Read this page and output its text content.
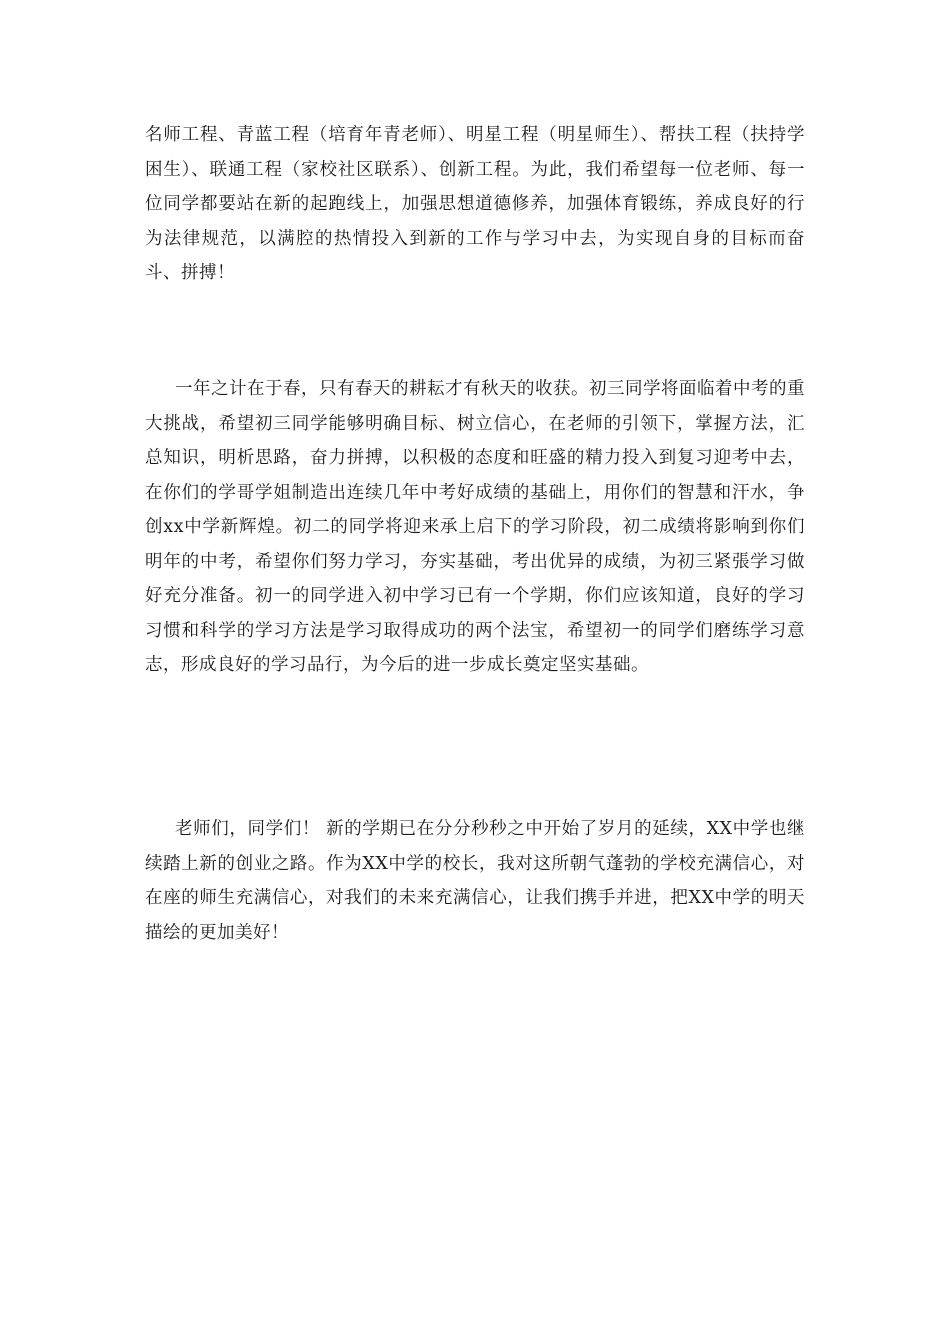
名师工程、青蓝工程（培育年青老师）、明星工程（明星师生）、帮扶工程（扶持学困生）、联通工程（家校社区联系）、创新工程。为此，我们希望每一位老师、每一位同学都要站在新的起跑线上，加强思想道德修养，加强体育锻练，养成良好的行为法律规范，以满腔的热情投入到新的工作与学习中去，为实现自身的目标而奋斗、拼搏！

一年之计在于春，只有春天的耕耘才有秋天的收获。初三同学将面临着中考的重大挑战，希望初三同学能够明确目标、树立信心，在老师的引领下，掌握方法，汇总知识，明析思路，奋力拼搏，以积极的态度和旺盛的精力投入到复习迎考中去，在你们的学哥学姐制造出连续几年中考好成绩的基础上，用你们的智慧和汗水，争创xx中学新辉煌。初二的同学将迎来承上启下的学习阶段，初二成绩将影响到你们明年的中考，希望你们努力学习，夯实基础，考出优异的成绩，为初三紧張学习做好充分准备。初一的同学进入初中学习已有一个学期，你们应该知道，良好的学习习惯和科学的学习方法是学习取得成功的两个法宝，希望初一的同学们磨练学习意志，形成良好的学习品行，为今后的进一步成长奠定坚实基础。

老师们，同学们！ 新的学期已在分分秒秒之中开始了岁月的延续，XX中学也继续踏上新的创业之路。作为XX中学的校长，我对这所朝气蓬勃的学校充满信心，对在座的师生充满信心，对我们的未来充满信心，让我们携手并进，把XX中学的明天描绘的更加美好！
